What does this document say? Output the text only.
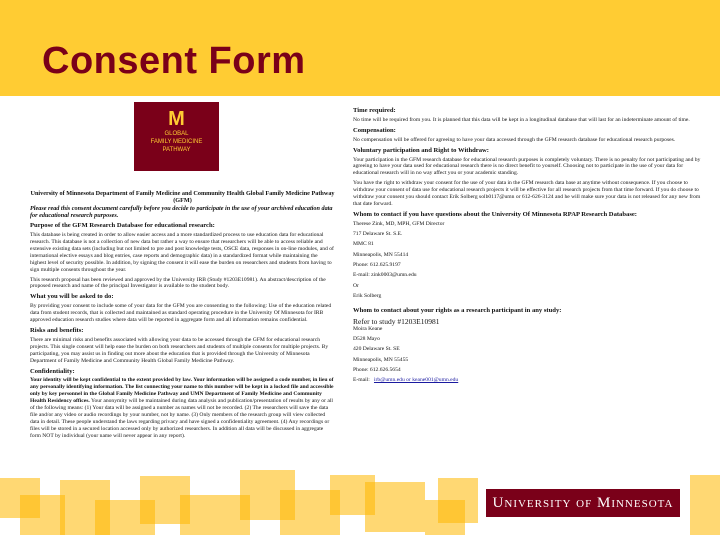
Consent Form
M
GLOBAL
FAMILY MEDICINE
PATHWAY
University of Minnesota Department of Family Medicine and Community Health Global Family Medicine Pathway (GFM)
Please read this consent document carefully before you decide to participate in the use of your archived education data for educational research purposes.
Purpose of the GFM Research Database for educational research:
This database is being created in order to allow easier access and a more standardized process to use education data for educational research. This database is not a collection of new data but rather a way to ensure that researchers will be able to access reliable and extensive existing data sets (including but not limited to pre and post knowledge tests, OSCE data, responses in on-line modules, and of international elective essays and blog entries, case reports and demographic data) in a standardized format while maintaining the highest level of security possible. In addition, by signing the consent it will ease the burden on researchers and students from having to sign multiple consents throughout the year.
This research proposal has been reviewed and approved by the University IRB (Study #1203E10981). An abstract/description of the proposed research and name of the principal Investigator is available to the student body.
What you will be asked to do:
By providing your consent to include some of your data for the GFM you are consenting to the following: Use of the education related data from student records, that is collected and maintained as standard operating procedure in the University Of Minnesota for IRB approved education research studies where data will be reported in aggregate form and all information remains confidential.
Risks and benefits:
There are minimal risks and benefits associated with allowing your data to be accessed through the GFM for educational research projects. This single consent will help ease the burden on both researchers and students of multiple consents for multiple projects. By participating, you may assist us in finding out more about the education that is provided through the University of Minnesota Department of Family Medicine and Community Health Global Family Medicine Pathway.
Confidentiality:
Your identity will be kept confidential to the extent provided by law. Your information will be assigned a code number, in lieu of any personally identifying information. The list connecting your name to this number will be kept in a locked file and accessible only by key personnel in the Global Family Medicine Pathway and UMN Department of Family Medicine and Community Health Residency offices. Your anonymity will be maintained during data analysis and publication/presentation of results by any or all of the following means: (1) Your data will be assigned a number as names will not be recorded. (2) The researchers will save the data file and/or any video or audio recordings by your number, not by name. (3) Only members of the research group will view collected data in detail. These people understand the laws regarding privacy and have signed a confidentiality agreement. (4) Any recordings or files will be stored in a secured location accessed only by authorized researchers. In addition all data will be discussed in aggregate form NOT by individual (your name will never appear in any report).
Time required:
No time will be required from you. It is planned that this data will be kept in a longitudinal database that will last for an indeterminate amount of time.
Compensation:
No compensation will be offered for agreeing to have your data accessed through the GFM research database for educational research purposes.
Voluntary participation and Right to Withdraw:
Your participation in the GFM research database for educational research purposes is completely voluntary. There is no penalty for not participating and by agreeing to have your data used for educational research there is no direct benefit to yourself. Choosing not to participate in the use of your data for educational research will in no way affect you or your academic standing.
You have the right to withdraw your consent for the use of your data in the GFM research data base at anytime without consequence. If you choose to withdraw your consent of data use for educational research projects it will be effective for all research projects from that time forward. If you do choose to withdraw your consent you should contact Erik Solberg solb0117@umn or 612-626-3124 and he will make sure your data is not released for any new from that date forward.
Whom to contact if you have questions about the University Of Minnesota RPAP Research Database:
Therese Zink, MD, MPH, GFM Director
717 Delaware St. S.E.
MMC 81
Minneapolis, MN 55414
Phone: 612.625.9197
E-mail: zink0003@umn.edu
Or
Erik Solberg
Whom to contact about your rights as a research participant in any study:
Refer to study #1203E10981
Moira Keane
D528 Mayo
420 Delaware St. SE
Minneapolis, MN 55455
Phone: 612.626.5654
E-mail: irb@umn.edu or keane001@umn.edu
University of Minnesota
